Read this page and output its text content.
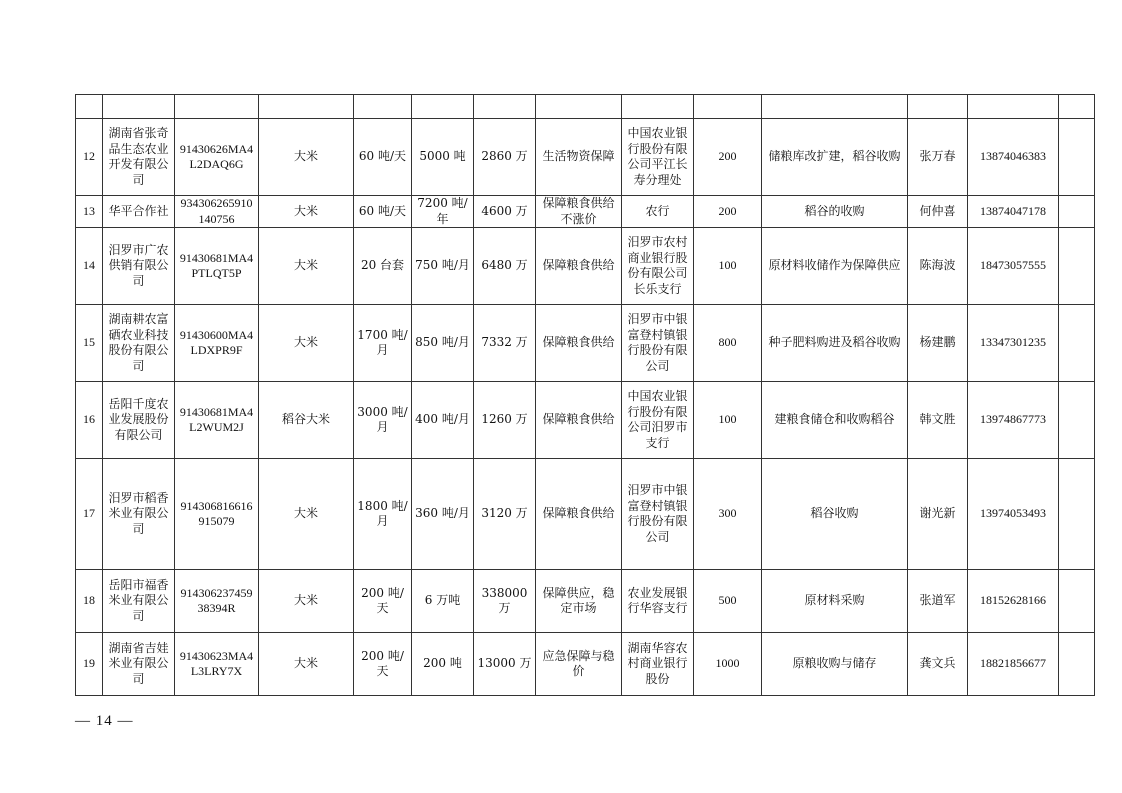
12	湖南省张奇品生态农业开发有限公司	91430626MA4L2DAQ6G	大米	60 吨/天	5000 吨	2860 万	生活物资保障	中国农业银行股份有限公司平江长寿分理处	200	储粮库改扩建，稻谷收购	张万春	13874046383	
13	华平合作社	934306265910140756	大米	60 吨/天	7200 吨/年	4600 万	保障粮食供给不涨价	农行	200	稻谷的收购	何仲喜	13874047178	
14	汨罗市广农供销有限公司	91430681MA4PTLQT5P	大米	20 台套	750 吨/月	6480 万	保障粮食供给	汨罗市农村商业银行股份有限公司长乐支行	100	原材料收储作为保障供应	陈海波	18473057555	
15	湖南耕农富硒农业科技股份有限公司	91430600MA4LDXPR9F	大米	1700 吨/月	850 吨/月	7332 万	保障粮食供给	汨罗市中银富登村镇银行股份有限公司	800	种子肥料购进及稻谷收购	杨建鹏	13347301235	
16	岳阳千度农业发展股份有限公司	91430681MA4L2WUM2J	稻谷大米	3000 吨/月	400 吨/月	1260 万	保障粮食供给	中国农业银行股份有限公司汨罗市支行	100	建粮食储仓和收购稻谷	韩文胜	13974867773	
17	汨罗市稻香米业有限公司	914306816616915079	大米	1800 吨/月	360 吨/月	3120 万	保障粮食供给	汨罗市中银富登村镇银行股份有限公司	300	稻谷收购	谢光新	13974053493	
18	岳阳市福香米业有限公司	91430623745938394R	大米	200 吨/天	6 万吨	338000 万	保障供应，稳定市场	农业发展银行华容支行	500	原材料采购	张道军	18152628166	
19	湖南省吉娃米业有限公司	91430623MA4L3LRY7X	大米	200 吨/天	200 吨	13000 万	应急保障与稳价	湖南华容农村商业银行股份	1000	原粮收购与储存	龚文兵	18821856677	
— 14 —
